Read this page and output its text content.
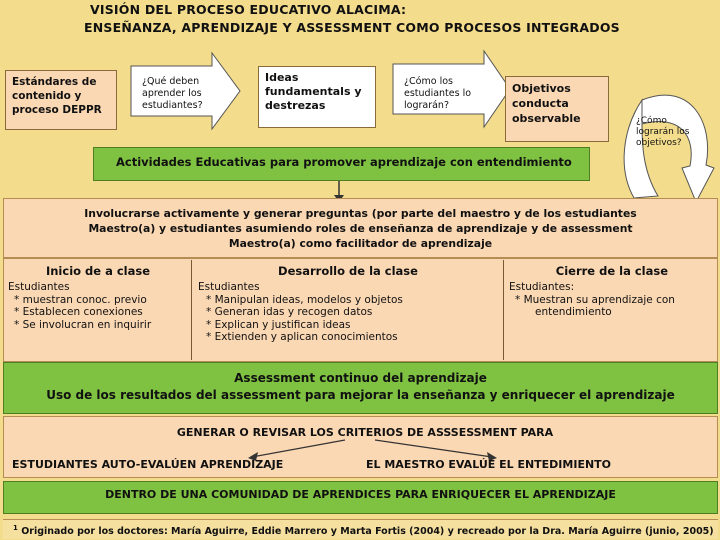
VISIÓN DEL PROCESO EDUCATIVO ALACIMA:
ENSEÑANZA, APRENDIZAJE Y ASSESSMENT COMO PROCESOS INTEGRADOS
Estándares de contenido y proceso DEPPR
¿Qué deben aprender los estudiantes?
Ideas fundamentals y destrezas
¿Cómo los estudiantes lo lograrán?
Objetivos conducta observable	¿Cómo lograrán los objetivos?
Actividades Educativas para promover aprendizaje con entendimiento
Involucrarse activamente y generar preguntas (por parte del maestro y de los estudiantes
Maestro(a) y estudiantes asumiendo roles de enseñanza de aprendizaje y de assessment
Maestro(a) como facilitador de aprendizaje
Inicio de a clase
Estudiantes
* muestran conoc. previo
* Establecen conexiones
* Se involucran en inquirir
Desarrollo de la clase
Estudiantes
* Manipulan ideas, modelos y objetos
* Generan idas y recogen datos
* Explican y justifican ideas
* Extienden y aplican conocimientos
Cierre de la clase
Estudiantes:
* Muestran su aprendizaje con
entendimiento
Assessment continuo del aprendizaje
Uso de los resultados del assessment para mejorar la enseñanza y enriquecer el aprendizaje
GENERAR O REVISAR LOS CRITERIOS DE ASSSESSMENT PARA
ESTUDIANTES AUTO-EVALÚEN APRENDIZAJE	EL MAESTRO EVALÚE EL ENTEDIMIENTO
DENTRO DE UNA COMUNIDAD DE APRENDICES PARA ENRIQUECER EL APRENDIZAJE
$^1$ Originado por los doctores: María Aguirre, Eddie Marrero y Marta Fortis (2004) y recreado por la Dra. María Aguirre (junio, 2005)
